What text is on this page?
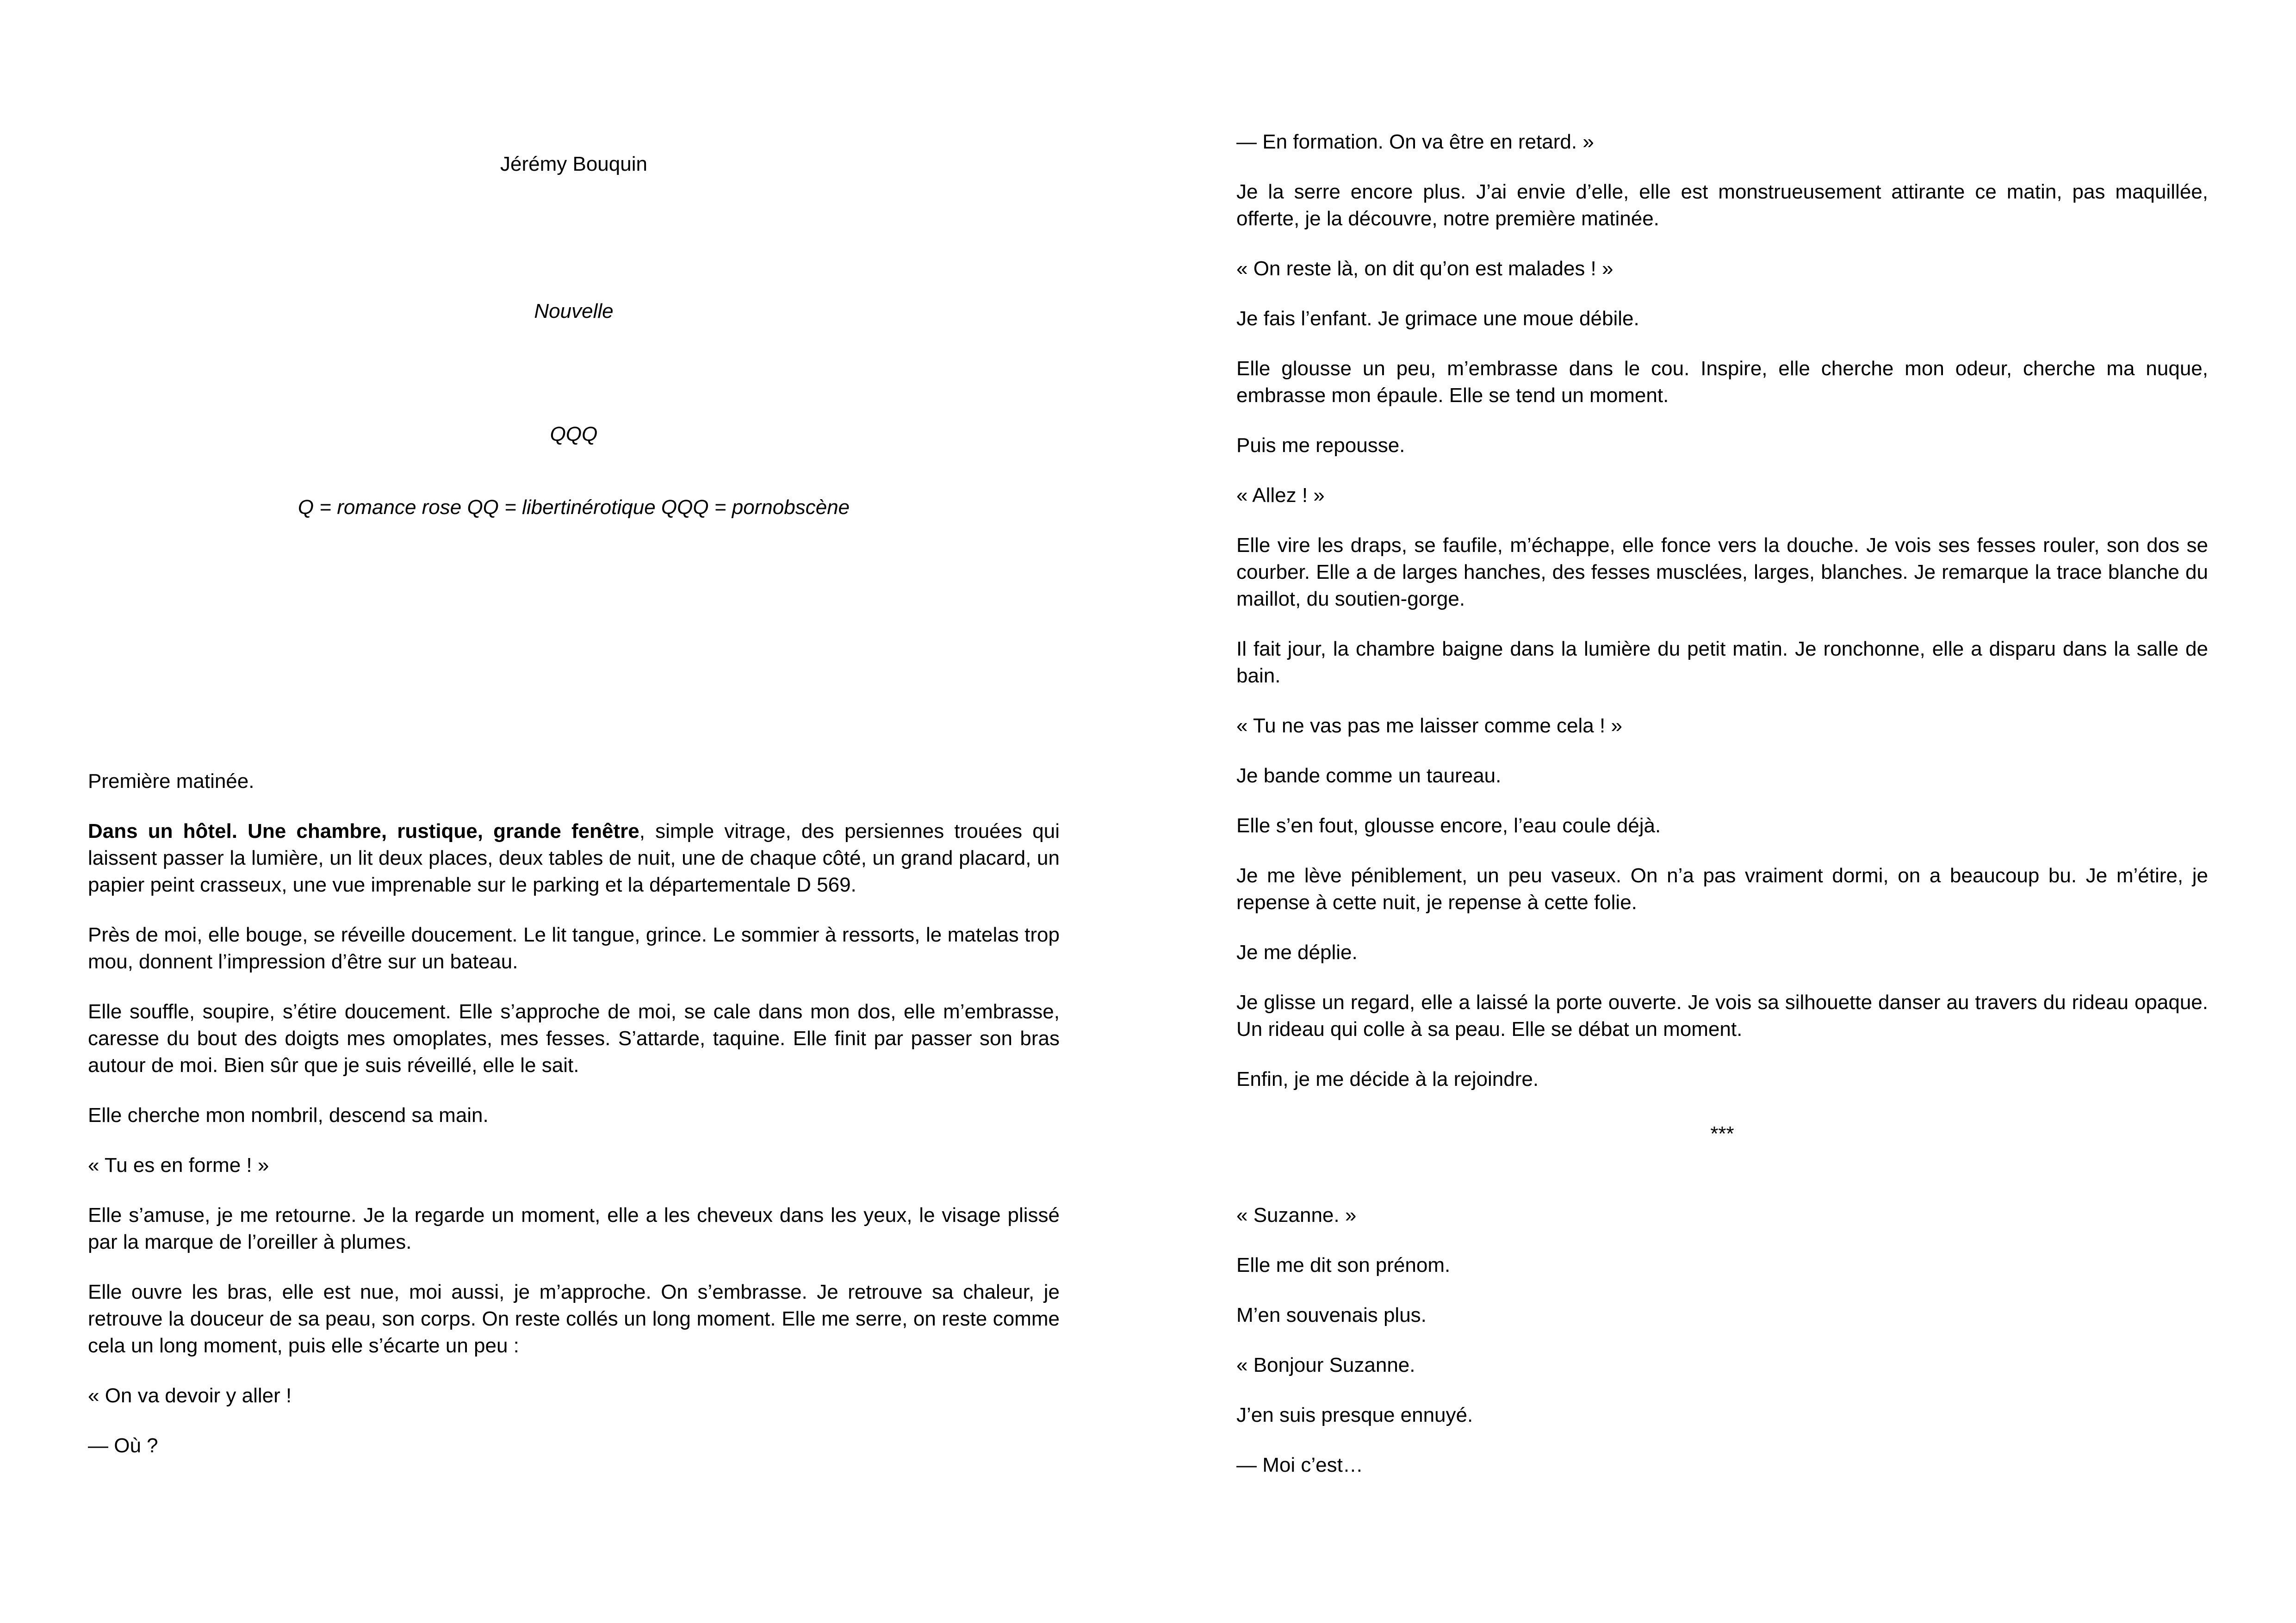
Jérémy Bouquin
Nouvelle
QQQ
Q = romance rose QQ = libertinérotique QQQ = pornobscène

Première matinée.

Dans un hôtel. Une chambre, rustique, grande fenêtre, simple vitrage, des persiennes trouées qui laissent passer la lumière, un lit deux places, deux tables de nuit, une de chaque côté, un grand placard, un papier peint crasseux, une vue imprenable sur le parking et la départementale D 569.

Près de moi, elle bouge, se réveille doucement. Le lit tangue, grince. Le sommier à ressorts, le matelas trop mou, donnent l’impression d’être sur un bateau.

Elle souffle, soupire, s’étire doucement. Elle s’approche de moi, se cale dans mon dos, elle m’embrasse, caresse du bout des doigts mes omoplates, mes fesses. S’attarde, taquine. Elle finit par passer son bras autour de moi. Bien sûr que je suis réveillé, elle le sait.

Elle cherche mon nombril, descend sa main.

« Tu es en forme ! »

Elle s’amuse, je me retourne. Je la regarde un moment, elle a les cheveux dans les yeux, le visage plissé par la marque de l’oreiller à plumes.

Elle ouvre les bras, elle est nue, moi aussi, je m’approche. On s’embrasse. Je retrouve sa chaleur, je retrouve la douceur de sa peau, son corps. On reste collés un long moment. Elle me serre, on reste comme cela un long moment, puis elle s’écarte un peu :

« On va devoir y aller !

— Où ?

— En formation. On va être en retard. »

Je la serre encore plus. J’ai envie d’elle, elle est monstrueusement attirante ce matin, pas maquillée, offerte, je la découvre, notre première matinée.

« On reste là, on dit qu’on est malades ! »

Je fais l’enfant. Je grimace une moue débile.

Elle glousse un peu, m’embrasse dans le cou. Inspire, elle cherche mon odeur, cherche ma nuque, embrasse mon épaule. Elle se tend un moment.

Puis me repousse.

« Allez ! »

Elle vire les draps, se faufile, m’échappe, elle fonce vers la douche. Je vois ses fesses rouler, son dos se courber. Elle a de larges hanches, des fesses musclées, larges, blanches. Je remarque la trace blanche du maillot, du soutien-gorge.

Il fait jour, la chambre baigne dans la lumière du petit matin. Je ronchonne, elle a disparu dans la salle de bain.

« Tu ne vas pas me laisser comme cela ! »

Je bande comme un taureau.

Elle s’en fout, glousse encore, l’eau coule déjà.

Je me lève péniblement, un peu vaseux. On n’a pas vraiment dormi, on a beaucoup bu. Je m’étire, je repense à cette nuit, je repense à cette folie.

Je me déplie.

Je glisse un regard, elle a laissé la porte ouverte. Je vois sa silhouette danser au travers du rideau opaque. Un rideau qui colle à sa peau. Elle se débat un moment.

Enfin, je me décide à la rejoindre.

***

« Suzanne. »

Elle me dit son prénom.

M’en souvenais plus.

« Bonjour Suzanne.

J’en suis presque ennuyé.

— Moi c’est…
